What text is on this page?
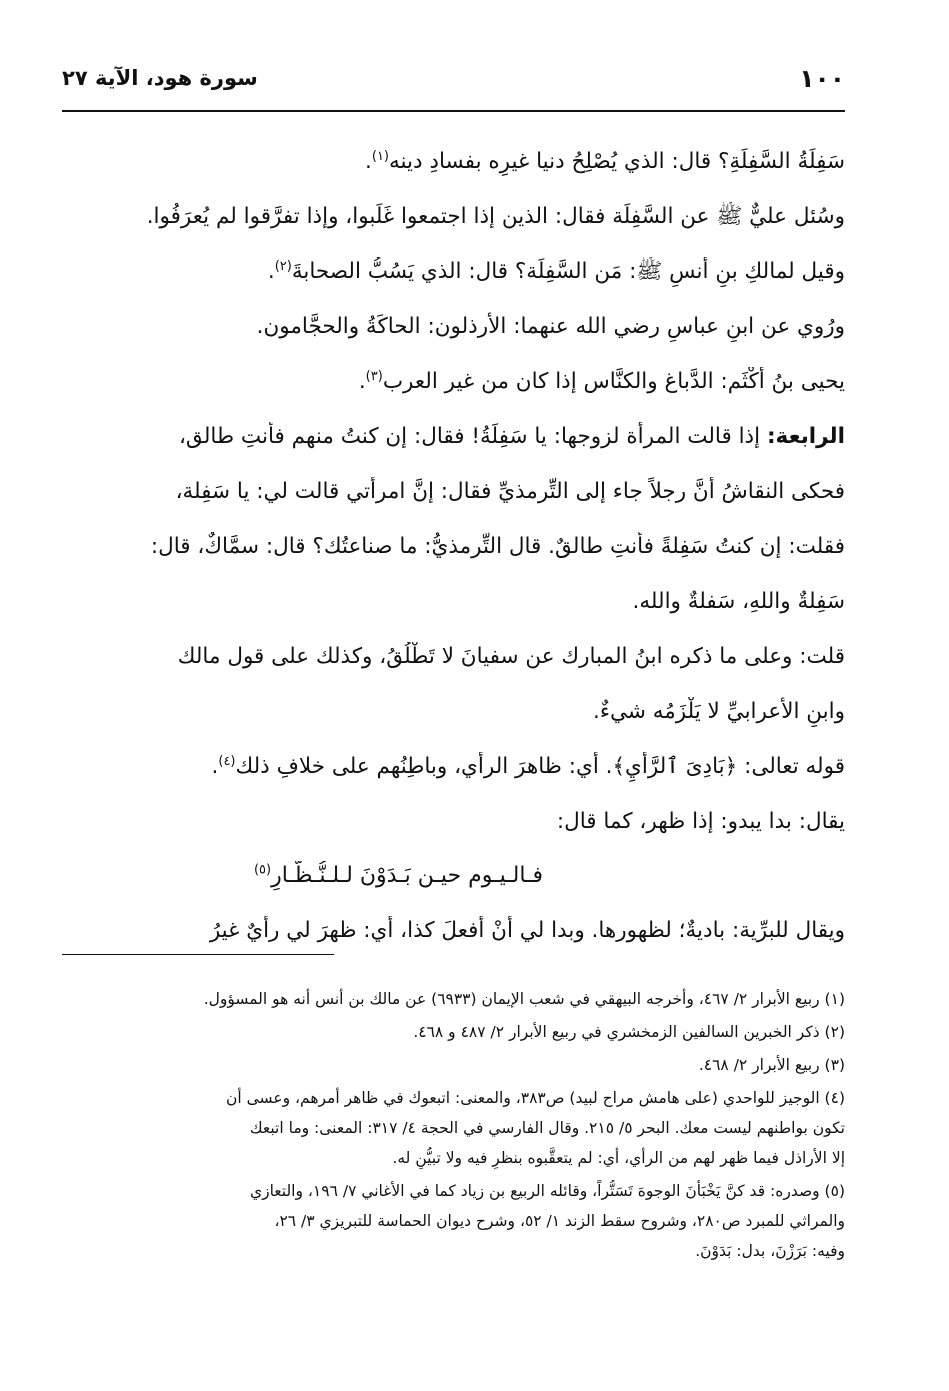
١٠٠
سورة هود، الآية ٢٧
سَفِلَةُ السَّفِلَةِ؟ قال: الذي يُصْلِحُ دنيا غيرِه بفسادِ دينه$^{(١)}$.
وسُئل عليٌّ ﷺ عن السَّفِلَة فقال: الذين إذا اجتمعوا غَلَبوا، وإذا تفرَّقوا لم يُعرَفُوا.
وقيل لمالكِ بنِ أنسٍ ﷺ: مَن السَّفِلَة؟ قال: الذي يَسُبُّ الصحابةَ$^{(٢)}$.
ورُوي عن ابنِ عباسٍ رضي الله عنهما: الأرذلون: الحاكَةُ والحجَّامون.
يحيى بنُ أكْثَم: الدَّباغ والكنَّاس إذا كان من غير العرب$^{(٣)}$.
الرابعة: إذا قالت المرأة لزوجها: يا سَفِلَةُ! فقال: إن كنتُ منهم فأنتِ طالق،
فحكى النقاشُ أنَّ رجلاً جاء إلى التِّرمذيِّ فقال: إنَّ امرأتي قالت لي: يا سَفِلة،
فقلت: إن كنتُ سَفِلةً فأنتِ طالقٌ. قال التِّرمذيُّ: ما صناعتُك؟ قال: سمَّاكٌ، قال:
سَفِلةٌ واللهِ، سَفلةٌ والله.
قلت: وعلى ما ذكره ابنُ المبارك عن سفيانَ لا تَطْلُقُ، وكذلك على قول مالك
وابنِ الأعرابيِّ لا يَلْزَمُه شيءٌ.
قوله تعالى: ﴿بَادِىَ ٱلرَّأْيِ﴾. أي: ظاهرَ الرأي، وباطِنُهم على خلافِ ذلك$^{(٤)}$.
يقال: بدا يبدو: إذا ظهر، كما قال:
فـالـيـوم حيـن بَـدَوْنَ لـلـنُّـظَّـارِ$^{(٥)}$
ويقال للبرِّية: باديةٌ؛ لظهورها. وبدا لي أنْ أفعلَ كذا، أي: ظهرَ لي رأيٌ غيرُ
(١) ربيع الأبرار ٢/ ٤٦٧، وأخرجه البيهقي في شعب الإيمان (٦٩٣٣) عن مالك بن أنس أنه هو المسؤول.
(٢) ذكر الخبرين السالفين الزمخشري في ربيع الأبرار ٢/ ٤٨٧ و ٤٦٨.
(٣) ربيع الأبرار ٢/ ٤٦٨.
(٤) الوجيز للواحدي (على هامش مراح لبيد) ص٣٨٣، والمعنى: اتبعوك في ظاهر أمرهم، وعسى أن
تكون بواطنهم ليست معك. البحر ٥/ ٢١٥. وقال الفارسي في الحجة ٤/ ٣١٧: المعنى: وما اتبعك
إلا الأراذل فيما ظهر لهم من الرأي، أي: لم يتعقَّبوه بنظرٍ فيه ولا تبيُّنٍ له.
(٥) وصدره: قد كنَّ يَخْبَأْنَ الوجوهَ تَسَتُّراً، وقائله الربيع بن زياد كما في الأغاني ٧/ ١٩٦، والتعازي
والمراثي للمبرد ص٢٨٠، وشروح سقط الزند ١/ ٥٢، وشرح ديوان الحماسة للتبريزي ٣/ ٢٦،
وفيه: بَرَزْنَ، بدل: بَدَوْنَ.
